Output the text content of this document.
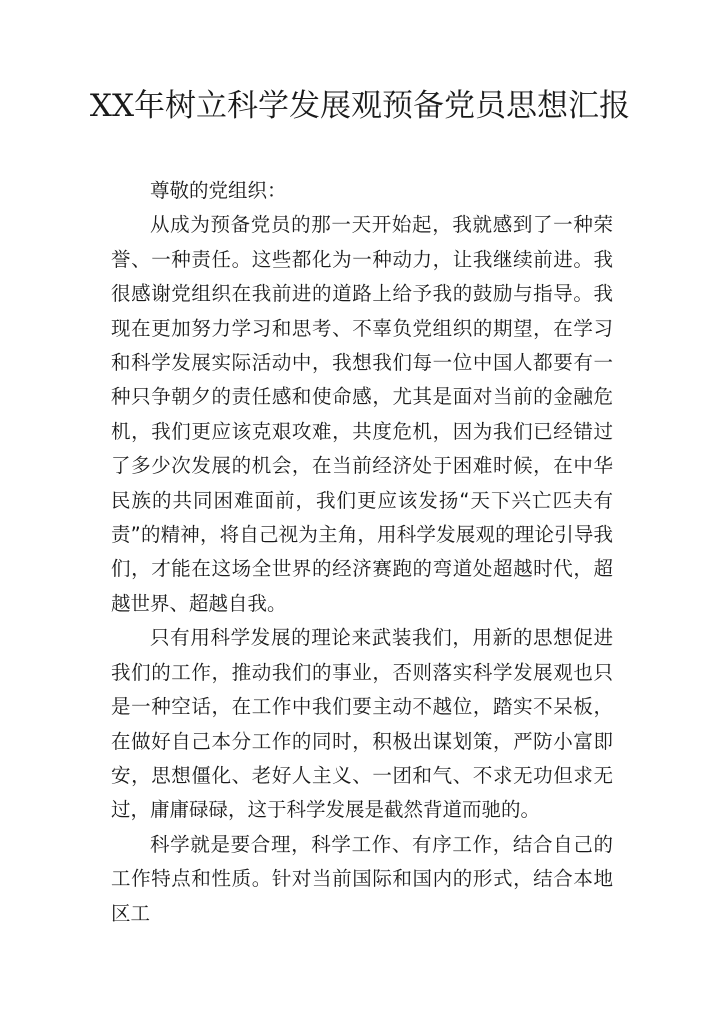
XX年树立科学发展观预备党员思想汇报

尊敬的党组织：

从成为预备党员的那一天开始起，我就感到了一种荣誉、一种责任。这些都化为一种动力，让我继续前进。我很感谢党组织在我前进的道路上给予我的鼓励与指导。我现在更加努力学习和思考、不辜负党组织的期望，在学习和科学发展实际活动中，我想我们每一位中国人都要有一种只争朝夕的责任感和使命感，尤其是面对当前的金融危机，我们更应该克艰攻难，共度危机，因为我们已经错过了多少次发展的机会，在当前经济处于困难时候，在中华民族的共同困难面前，我们更应该发扬“天下兴亡匹夫有责”的精神，将自己视为主角，用科学发展观的理论引导我们，才能在这场全世界的经济赛跑的弯道处超越时代，超越世界、超越自我。

只有用科学发展的理论来武装我们，用新的思想促进我们的工作，推动我们的事业，否则落实科学发展观也只是一种空话，在工作中我们要主动不越位，踏实不呆板，在做好自己本分工作的同时，积极出谋划策，严防小富即安，思想僵化、老好人主义、一团和气、不求无功但求无过，庸庸碌碌，这于科学发展是截然背道而驰的。

科学就是要合理，科学工作、有序工作，结合自己的工作特点和性质。针对当前国际和国内的形式，结合本地区工
